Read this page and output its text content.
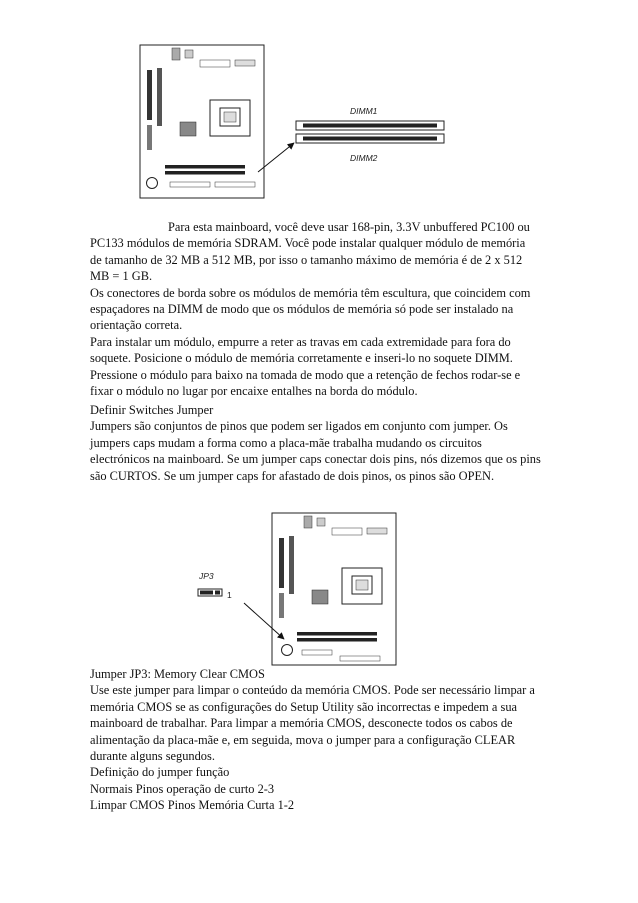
DIMM1
DIMM2
Para esta mainboard, você deve usar 168-pin, 3.3V unbuffered PC100 ou
PC133 módulos de memória SDRAM. Você pode instalar qualquer módulo de memória
de tamanho de 32 MB a 512 MB, por isso o tamanho máximo de memória é de 2 x 512
MB = 1 GB.
Os conectores de borda sobre os módulos de memória têm escultura, que coincidem com
espaçadores na DIMM de modo que os módulos de memória só pode ser instalado na
orientação correta.
Para instalar um módulo, empurre a reter as travas em cada extremidade para fora do
soquete. Posicione o módulo de memória corretamente e inseri-lo no soquete DIMM.
Pressione o módulo para baixo na tomada de modo que a retenção de fechos rodar-se e
fixar o módulo no lugar por encaixe entalhes na borda do módulo.
Definir Switches Jumper
Jumpers são conjuntos de pinos que podem ser ligados em conjunto com jumper. Os
jumpers caps mudam a forma como a placa-mãe trabalha mudando os circuitos
electrónicos na mainboard. Se um jumper caps conectar dois pins, nós dizemos que os pins
são CURTOS. Se um jumper caps for afastado de dois pinos, os pinos são OPEN.
JP3
1
Jumper JP3: Memory Clear CMOS
Use este jumper para limpar o conteúdo da memória CMOS. Pode ser necessário limpar a
memória CMOS se as configurações do Setup Utility são incorrectas e impedem a sua
mainboard de trabalhar. Para limpar a memória CMOS, desconecte todos os cabos de
alimentação da placa-mãe e, em seguida, mova o jumper para a configuração CLEAR
durante alguns segundos.
Definição do jumper função
Normais Pinos operação de curto 2-3
Limpar CMOS Pinos Memória Curta 1-2
